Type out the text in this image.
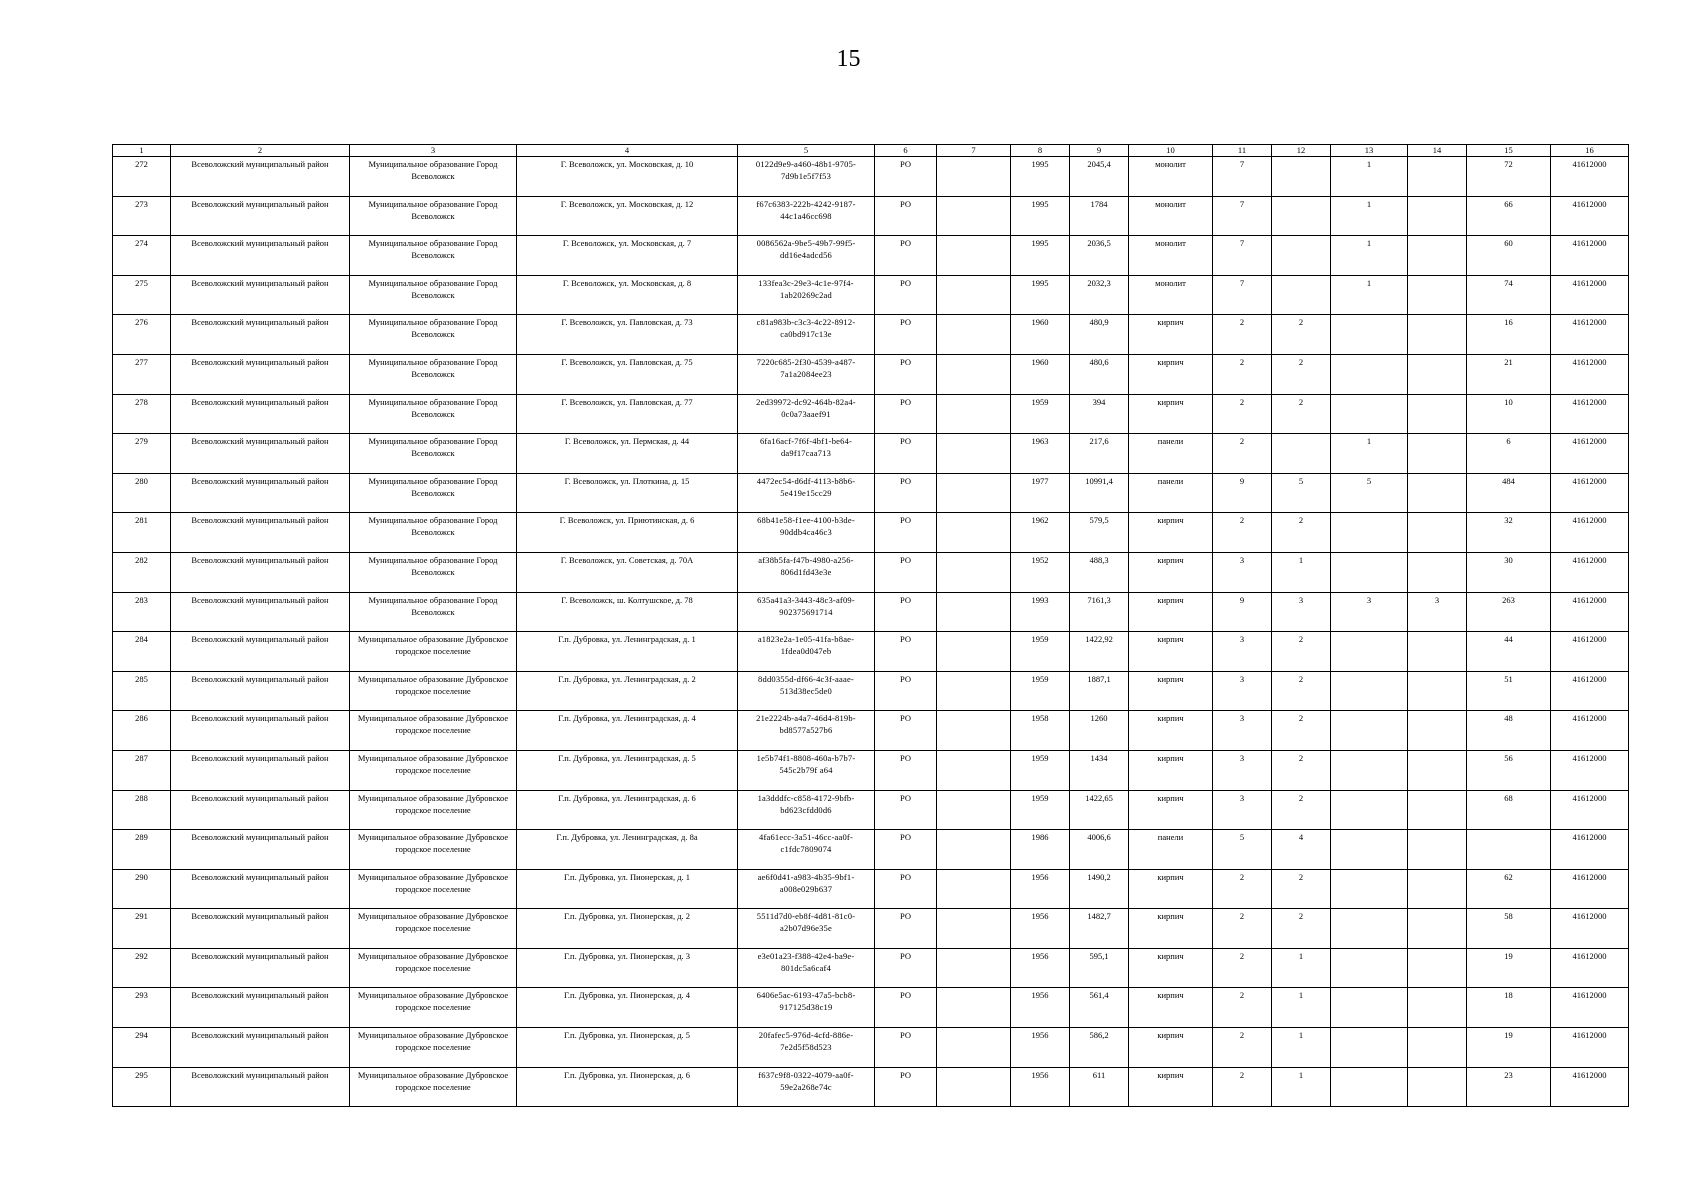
15
1	2	3	4	5	6	7	8	9	10	11	12	13	14	15	16
272	Всеволожский муниципальный район	Муниципальное образование Город Всеволожск	Г. Всеволожск, ул. Московская, д. 10	0122d9e9-a460-48b1-9705-7d9b1e5f7f53	РО		1995	2045,4	монолит	7		1		72	41612000
273	Всеволожский муниципальный район	Муниципальное образование Город Всеволожск	Г. Всеволожск, ул. Московская, д. 12	f67c6383-222b-4242-9187-44c1a46cc698	РО		1995	1784	монолит	7		1		66	41612000
274	Всеволожский муниципальный район	Муниципальное образование Город Всеволожск	Г. Всеволожск, ул. Московская, д. 7	0086562a-9be5-49b7-99f5-dd16e4adcd56	РО		1995	2036,5	монолит	7		1		60	41612000
275	Всеволожский муниципальный район	Муниципальное образование Город Всеволожск	Г. Всеволожск, ул. Московская, д. 8	133fea3c-29e3-4c1e-97f4-1ab20269c2ad	РО		1995	2032,3	монолит	7		1		74	41612000
276	Всеволожский муниципальный район	Муниципальное образование Город Всеволожск	Г. Всеволожск, ул. Павловская, д. 73	c81a983b-c3c3-4c22-8912-ca0bd917c13e	РО		1960	480,9	кирпич	2	2			16	41612000
277	Всеволожский муниципальный район	Муниципальное образование Город Всеволожск	Г. Всеволожск, ул. Павловская, д. 75	7220c685-2f30-4539-a487-7a1a2084ee23	РО		1960	480,6	кирпич	2	2			21	41612000
278	Всеволожский муниципальный район	Муниципальное образование Город Всеволожск	Г. Всеволожск, ул. Павловская, д. 77	2ed39972-dc92-464b-82a4-0c0a73aaef91	РО		1959	394	кирпич	2	2			10	41612000
279	Всеволожский муниципальный район	Муниципальное образование Город Всеволожск	Г. Всеволожск, ул. Пермская, д. 44	6fa16acf-7f6f-4bf1-be64-da9f17caa713	РО		1963	217,6	панели	2		1		6	41612000
280	Всеволожский муниципальный район	Муниципальное образование Город Всеволожск	Г. Всеволожск, ул. Плоткина, д. 15	4472ec54-d6df-4113-b8b6-5e419e15cc29	РО		1977	10991,4	панели	9	5	5		484	41612000
281	Всеволожский муниципальный район	Муниципальное образование Город Всеволожск	Г. Всеволожск, ул. Приютинская, д. 6	68b41e58-f1ee-4100-b3de-90ddb4ca46c3	РО		1962	579,5	кирпич	2	2			32	41612000
282	Всеволожский муниципальный район	Муниципальное образование Город Всеволожск	Г. Всеволожск, ул. Советская, д. 70А	af38b5fa-f47b-4980-a256-806d1fd43e3e	РО		1952	488,3	кирпич	3	1			30	41612000
283	Всеволожский муниципальный район	Муниципальное образование Город Всеволожск	Г. Всеволожск, ш. Колтушское, д. 78	635a41a3-3443-48c3-af09-902375691714	РО		1993	7161,3	кирпич	9	3	3	3	263	41612000
284	Всеволожский муниципальный район	Муниципальное образование Дубровское городское поселение	Г.п. Дубровка, ул. Ленинградская, д. 1	a1823e2a-1e05-41fa-b8ae-1fdea0d047eb	РО		1959	1422,92	кирпич	3	2			44	41612000
285	Всеволожский муниципальный район	Муниципальное образование Дубровское городское поселение	Г.п. Дубровка, ул. Ленинградская, д. 2	8dd0355d-df66-4c3f-aaae-513d38ec5de0	РО		1959	1887,1	кирпич	3	2			51	41612000
286	Всеволожский муниципальный район	Муниципальное образование Дубровское городское поселение	Г.п. Дубровка, ул. Ленинградская, д. 4	21e2224b-a4a7-46d4-819b-bd8577a527b6	РО		1958	1260	кирпич	3	2			48	41612000
287	Всеволожский муниципальный район	Муниципальное образование Дубровское городское поселение	Г.п. Дубровка, ул. Ленинградская, д. 5	1e5b74f1-8808-460a-b7b7-545c2b79f a64	РО		1959	1434	кирпич	3	2			56	41612000
288	Всеволожский муниципальный район	Муниципальное образование Дубровское городское поселение	Г.п. Дубровка, ул. Ленинградская, д. 6	1a3dddfc-c858-4172-9bfb-bd623cfdd0d6	РО		1959	1422,65	кирпич	3	2			68	41612000
289	Всеволожский муниципальный район	Муниципальное образование Дубровское городское поселение	Г.п. Дубровка, ул. Ленинградская, д. 8а	4fa61ecc-3a51-46cc-aa0f-c1fdc7809074	РО		1986	4006,6	панели	5	4				41612000
290	Всеволожский муниципальный район	Муниципальное образование Дубровское городское поселение	Г.п. Дубровка, ул. Пионерская, д. 1	ae6f0d41-a983-4b35-9bf1-a008e029b637	РО		1956	1490,2	кирпич	2	2			62	41612000
291	Всеволожский муниципальный район	Муниципальное образование Дубровское городское поселение	Г.п. Дубровка, ул. Пионерская, д. 2	5511d7d0-eb8f-4d81-81c0-a2b07d96e35e	РО		1956	1482,7	кирпич	2	2			58	41612000
292	Всеволожский муниципальный район	Муниципальное образование Дубровское городское поселение	Г.п. Дубровка, ул. Пионерская, д. 3	e3e01a23-f388-42e4-ba9e-801dc5a6caf4	РО		1956	595,1	кирпич	2	1			19	41612000
293	Всеволожский муниципальный район	Муниципальное образование Дубровское городское поселение	Г.п. Дубровка, ул. Пионерская, д. 4	6406e5ac-6193-47a5-bcb8-917125d38c19	РО		1956	561,4	кирпич	2	1			18	41612000
294	Всеволожский муниципальный район	Муниципальное образование Дубровское городское поселение	Г.п. Дубровка, ул. Пионерская, д. 5	20fafec5-976d-4cfd-886e-7e2d5f58d523	РО		1956	586,2	кирпич	2	1			19	41612000
295	Всеволожский муниципальный район	Муниципальное образование Дубровское городское поселение	Г.п. Дубровка, ул. Пионерская, д. 6	f637c9f8-0322-4079-aa0f-59e2a268e74c	РО		1956	611	кирпич	2	1			23	41612000
